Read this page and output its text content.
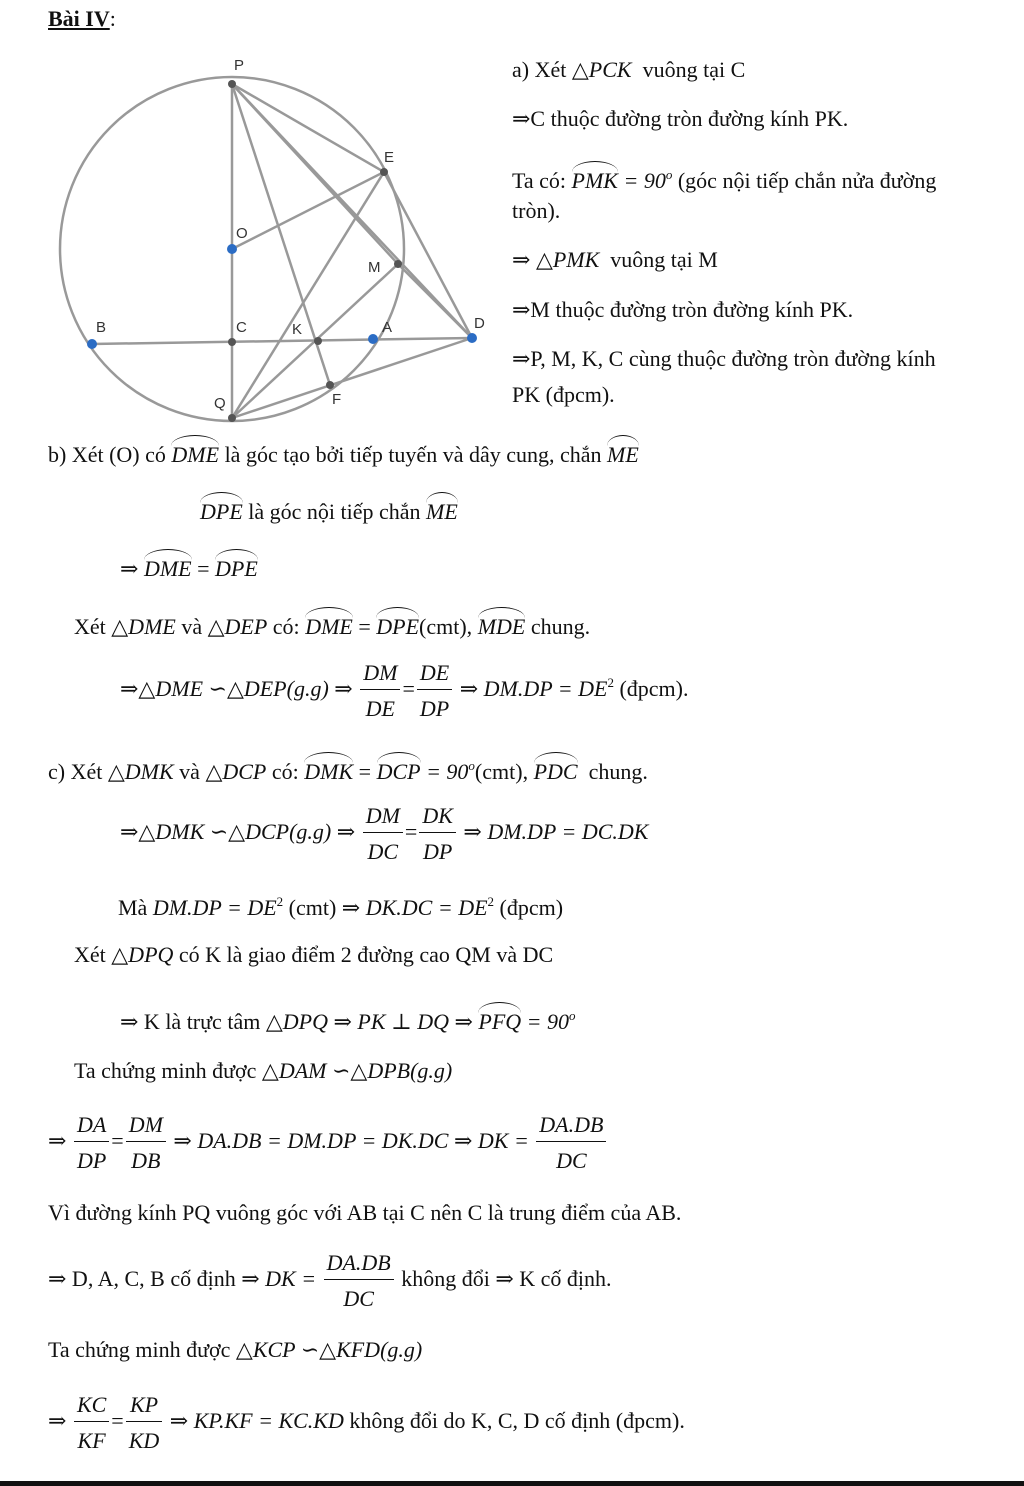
Bài IV:
P
E
O
M
B	C	K	A	D
Q	F
a) Xét △PCK vuông tại C
⇒C thuộc đường tròn đường kính PK.
Ta có: PMK = $90^o$ (góc nội tiếp chắn nửa đường
tròn).
⇒ △PMK vuông tại M
⇒M thuộc đường tròn đường kính PK.
⇒P, M, K, C cùng thuộc đường tròn đường kính
PK (đpcm).
b) Xét (O) có DME là góc tạo bởi tiếp tuyến và dây cung, chắn ME
DPE là góc nội tiếp chắn ME
⇒ DME = DPE
Xét △DME và △DEP có: DME = DPE(cmt), MDE chung.
⇒△DME ∽△DEP(g.g) ⇒ $\frac{DM}{DE} = \frac{DE}{DP}$ ⇒ $DM.DP = DE^2$ (đpcm).
c) Xét △DMK và △DCP có: DMK = DCP = $90^o(cmt)$, PDC chung.
⇒△DMK ∽△DCP(g.g) ⇒ $\frac{DM}{DC} = \frac{DK}{DP}$ ⇒ DM.DP = DC.DK
Mà $DM.DP = DE^2$ (cmt) ⇒ $DK.DC = DE^2$ (đpcm)
Xét △DPQ có K là giao điểm 2 đường cao QM và DC
⇒ K là trực tâm △DPQ ⇒ PK ⊥ DQ ⇒ PFQ = $90^o$
Ta chứng minh được △DAM ∽△DPB(g.g)
⇒ $\frac{DA}{DP} = \frac{DM}{DB}$ ⇒ DA.DB = DM.DP = DK.DC ⇒ DK = $\frac{DA.DB}{DC}$
Vì đường kính PQ vuông góc với AB tại C nên C là trung điểm của AB.
⇒ D, A, C, B cố định ⇒ DK = $\frac{DA.DB}{DC}$ không đổi ⇒ K cố định.
Ta chứng minh được △KCP ∽△KFD(g.g)
⇒ $\frac{KC}{KF} = \frac{KP}{KD}$ ⇒ KP.KF = KC.KD không đổi do K, C, D cố định (đpcm).
